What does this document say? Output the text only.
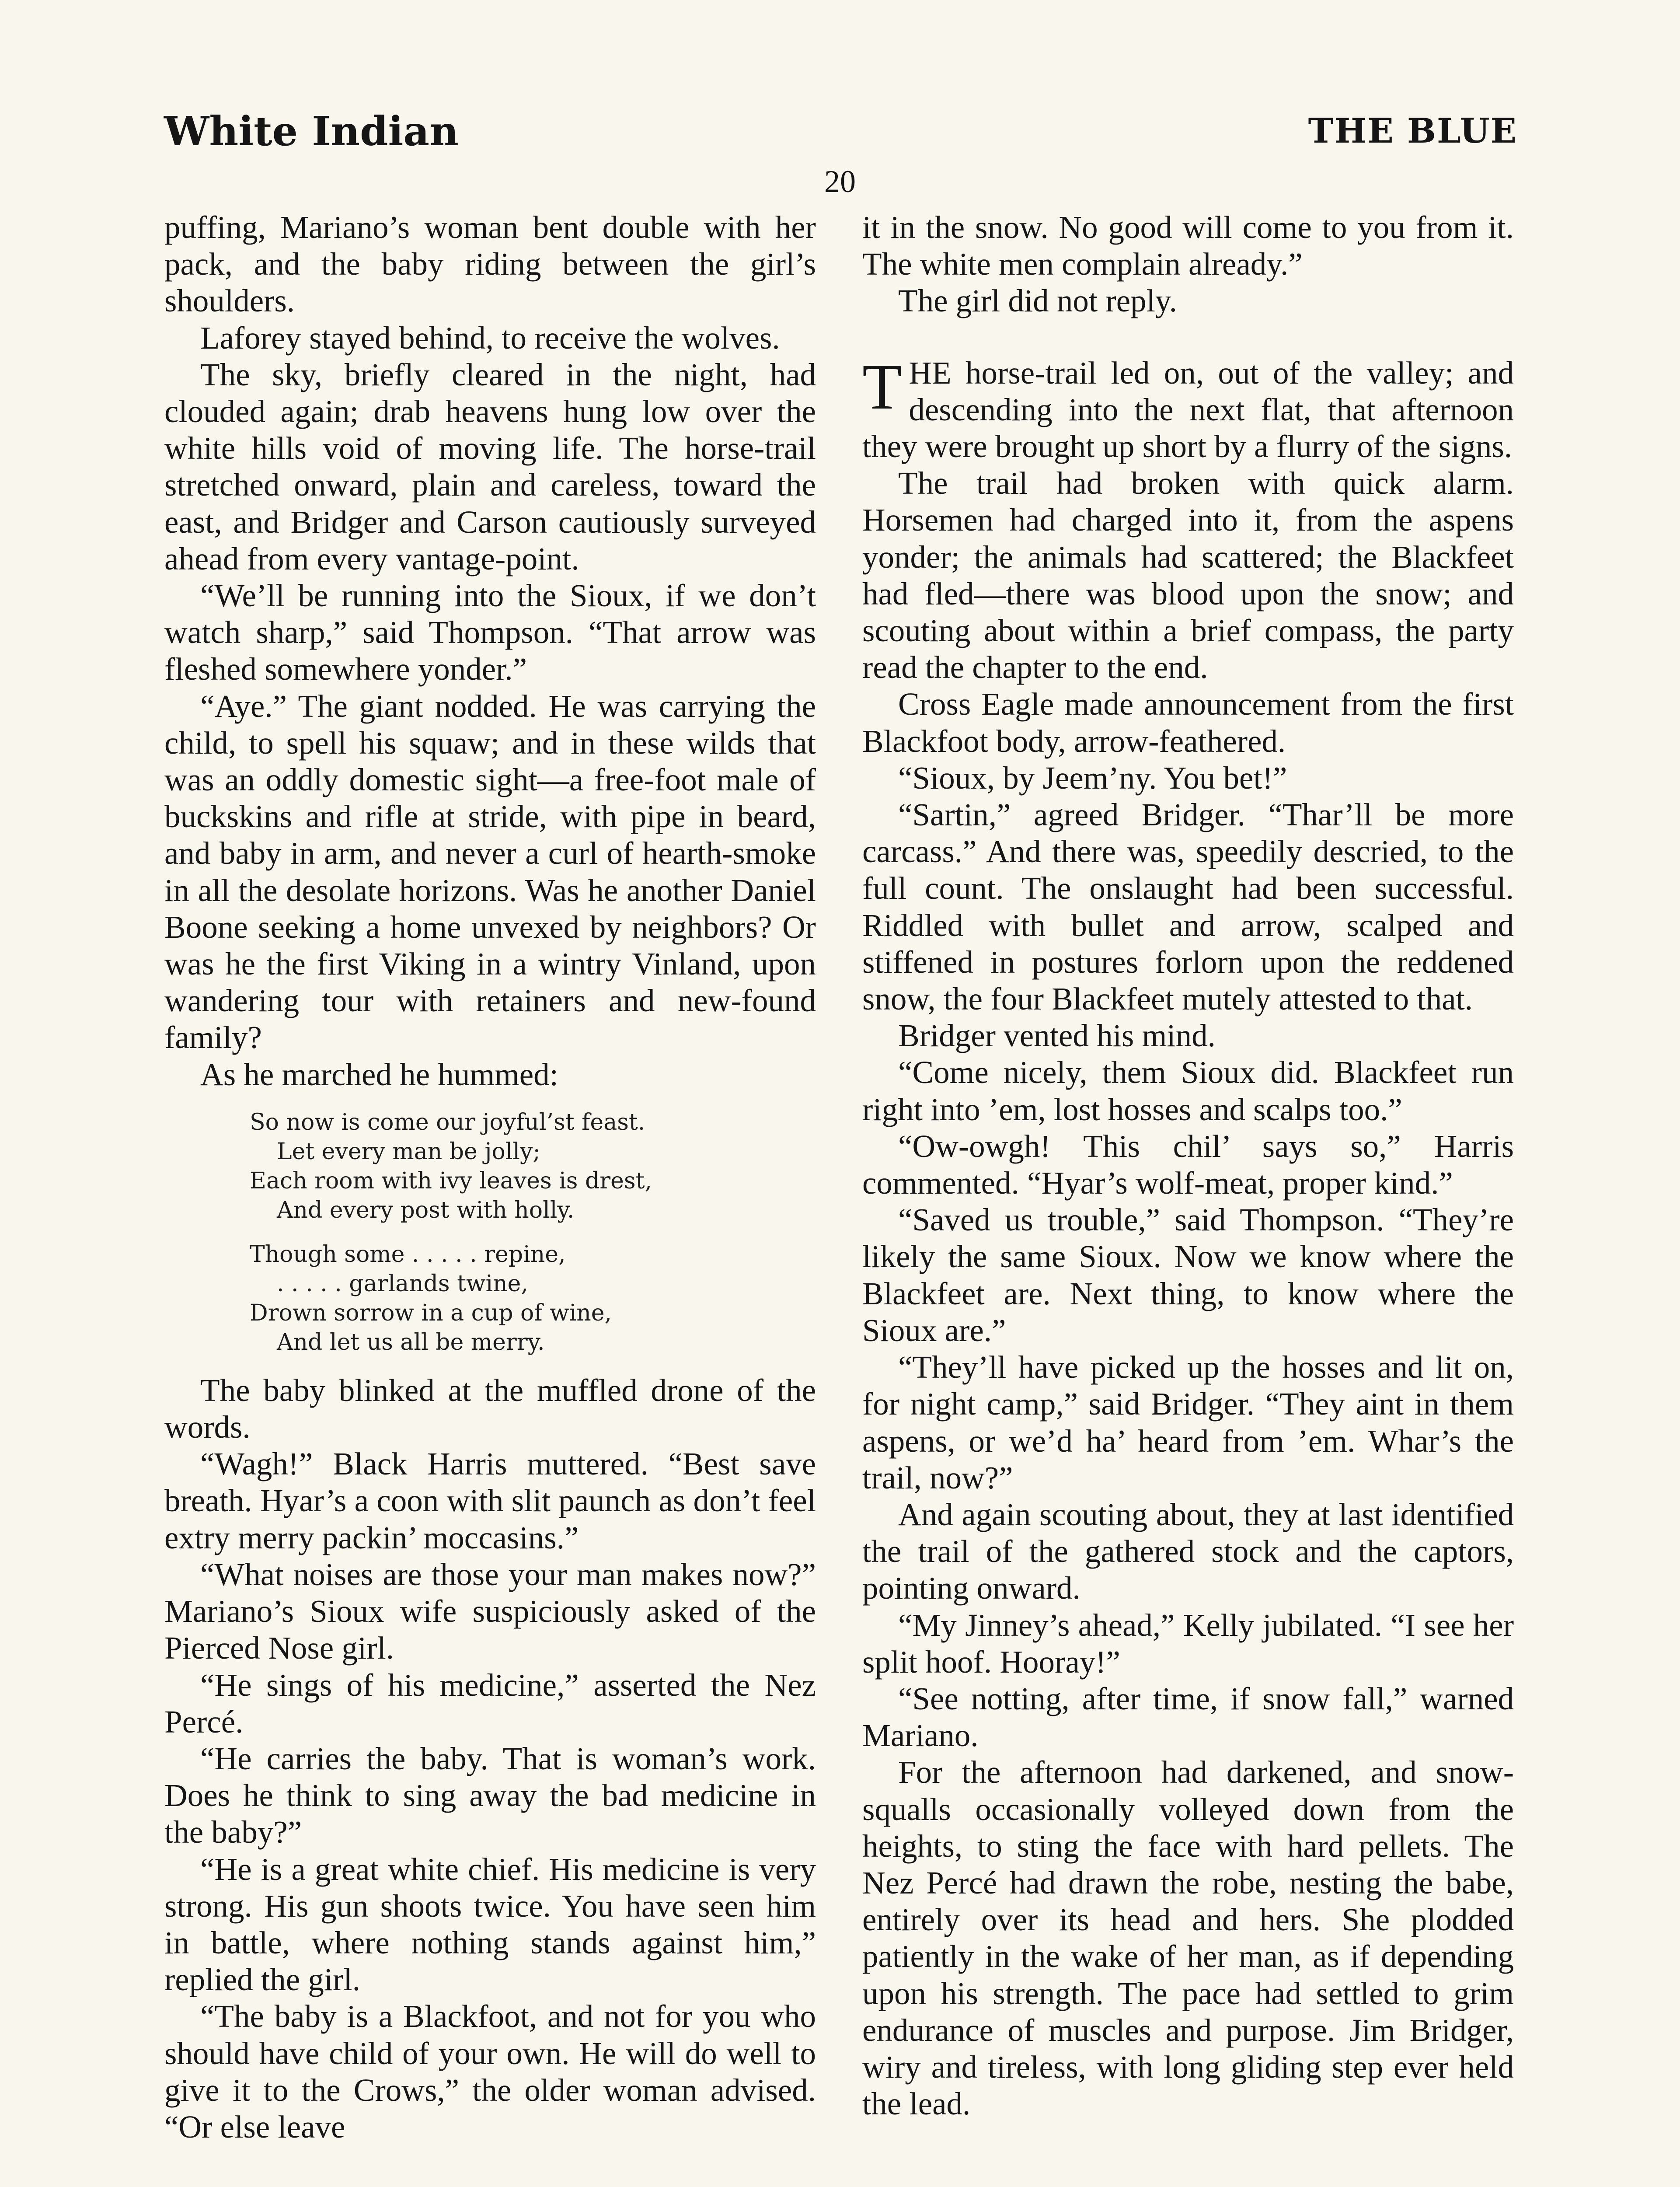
White Indian	THE BLUE
20

puffing, Mariano’s woman bent double with her pack, and the baby riding between the girl’s shoulders.

Laforey stayed behind, to receive the wolves.

The sky, briefly cleared in the night, had clouded again; drab heavens hung low over the white hills void of moving life. The horse-trail stretched onward, plain and careless, toward the east, and Bridger and Carson cautiously surveyed ahead from every vantage-point.

“We’ll be running into the Sioux, if we don’t watch sharp,” said Thompson. “That arrow was fleshed somewhere yonder.”

“Aye.” The giant nodded. He was carrying the child, to spell his squaw; and in these wilds that was an oddly domestic sight—a free-foot male of buckskins and rifle at stride, with pipe in beard, and baby in arm, and never a curl of hearth-smoke in all the desolate horizons. Was he another Daniel Boone seeking a home unvexed by neighbors? Or was he the first Viking in a wintry Vinland, upon wandering tour with retainers and new-found family?

As he marched he hummed:

So now is come our joyful’st feast.
Let every man be jolly;
Each room with ivy leaves is drest,
And every post with holly.
Though some . . . . . repine,
. . . . . garlands twine,
Drown sorrow in a cup of wine,
And let us all be merry.

The baby blinked at the muffled drone of the words.

“Wagh!” Black Harris muttered. “Best save breath. Hyar’s a coon with slit paunch as don’t feel extry merry packin’ moccasins.”

“What noises are those your man makes now?” Mariano’s Sioux wife suspiciously asked of the Pierced Nose girl.

“He sings of his medicine,” asserted the Nez Percé.

“He carries the baby. That is woman’s work. Does he think to sing away the bad medicine in the baby?”

“He is a great white chief. His medicine is very strong. His gun shoots twice. You have seen him in battle, where nothing stands against him,” replied the girl.

“The baby is a Blackfoot, and not for you who should have child of your own. He will do well to give it to the Crows,” the older woman advised. “Or else leave

it in the snow. No good will come to you from it. The white men complain already.”

The girl did not reply.

THE horse-trail led on, out of the valley; and descending into the next flat, that afternoon they were brought up short by a flurry of the signs.

The trail had broken with quick alarm. Horsemen had charged into it, from the aspens yonder; the animals had scattered; the Blackfeet had fled—there was blood upon the snow; and scouting about within a brief compass, the party read the chapter to the end.

Cross Eagle made announcement from the first Blackfoot body, arrow-feathered.

“Sioux, by Jeem’ny. You bet!”

“Sartin,” agreed Bridger. “Thar’ll be more carcass.” And there was, speedily descried, to the full count. The onslaught had been successful. Riddled with bullet and arrow, scalped and stiffened in postures forlorn upon the reddened snow, the four Blackfeet mutely attested to that.

Bridger vented his mind.

“Come nicely, them Sioux did. Blackfeet run right into ’em, lost hosses and scalps too.”

“Ow-owgh! This chil’ says so,” Harris commented. “Hyar’s wolf-meat, proper kind.”

“Saved us trouble,” said Thompson. “They’re likely the same Sioux. Now we know where the Blackfeet are. Next thing, to know where the Sioux are.”

“They’ll have picked up the hosses and lit on, for night camp,” said Bridger. “They aint in them aspens, or we’d ha’ heard from ’em. Whar’s the trail, now?”

And again scouting about, they at last identified the trail of the gathered stock and the captors, pointing onward.

“My Jinney’s ahead,” Kelly jubilated. “I see her split hoof. Hooray!”

“See notting, after time, if snow fall,” warned Mariano.

For the afternoon had darkened, and snow-squalls occasionally volleyed down from the heights, to sting the face with hard pellets. The Nez Percé had drawn the robe, nesting the babe, entirely over its head and hers. She plodded patiently in the wake of her man, as if depending upon his strength. The pace had settled to grim endurance of muscles and purpose. Jim Bridger, wiry and tireless, with long gliding step ever held the lead.
